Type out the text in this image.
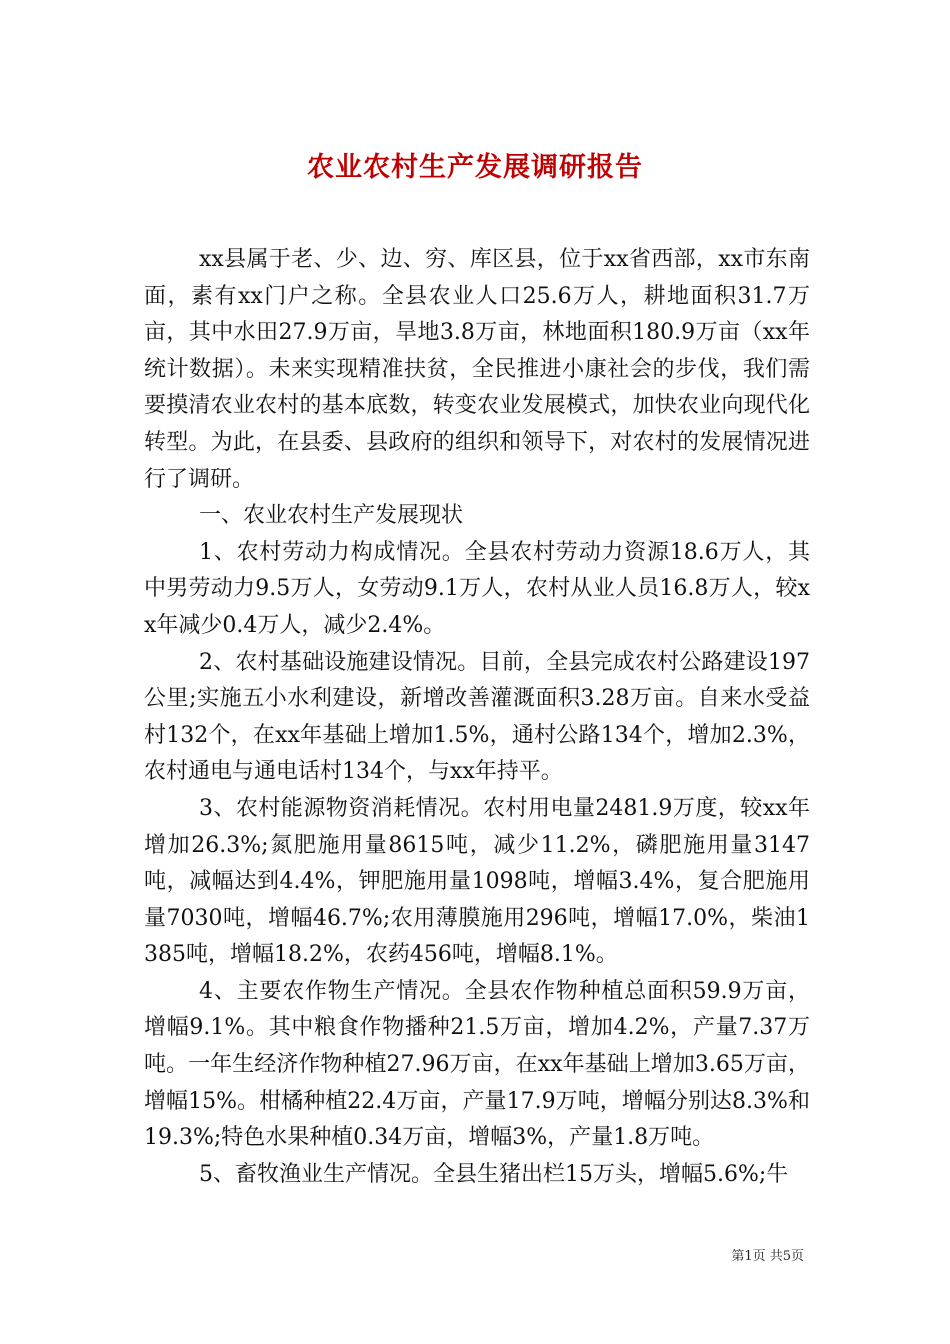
农业农村生产发展调研报告

xx县属于老、少、边、穷、库区县，位于xx省西部，xx市东南面，素有xx门户之称。全县农业人口25.6万人，耕地面积31.7万亩，其中水田27.9万亩，旱地3.8万亩，林地面积180.9万亩（xx年统计数据）。未来实现精准扶贫，全民推进小康社会的步伐，我们需要摸清农业农村的基本底数，转变农业发展模式，加快农业向现代化转型。为此，在县委、县政府的组织和领导下，对农村的发展情况进行了调研。

一、农业农村生产发展现状

1、农村劳动力构成情况。全县农村劳动力资源18.6万人，其中男劳动力9.5万人，女劳动9.1万人，农村从业人员16.8万人，较xx年减少0.4万人，减少2.4%。

2、农村基础设施建设情况。目前，全县完成农村公路建设197公里;实施五小水利建设，新增改善灌溉面积3.28万亩。自来水受益村132个，在xx年基础上增加1.5%，通村公路134个，增加2.3%，农村通电与通电话村134个，与xx年持平。

3、农村能源物资消耗情况。农村用电量2481.9万度，较xx年增加26.3%;氮肥施用量8615吨，减少11.2%，磷肥施用量3147吨，减幅达到4.4%，钾肥施用量1098吨，增幅3.4%，复合肥施用量7030吨，增幅46.7%;农用薄膜施用296吨，增幅17.0%，柴油1385吨，增幅18.2%，农药456吨，增幅8.1%。

4、主要农作物生产情况。全县农作物种植总面积59.9万亩，增幅9.1%。其中粮食作物播种21.5万亩，增加4.2%，产量7.37万吨。一年生经济作物种植27.96万亩，在xx年基础上增加3.65万亩，增幅15%。柑橘种植22.4万亩，产量17.9万吨，增幅分别达8.3%和19.3%;特色水果种植0.34万亩，增幅3%，产量1.8万吨。

5、畜牧渔业生产情况。全县生猪出栏15万头，增幅5.6%;牛

第1页 共5页
